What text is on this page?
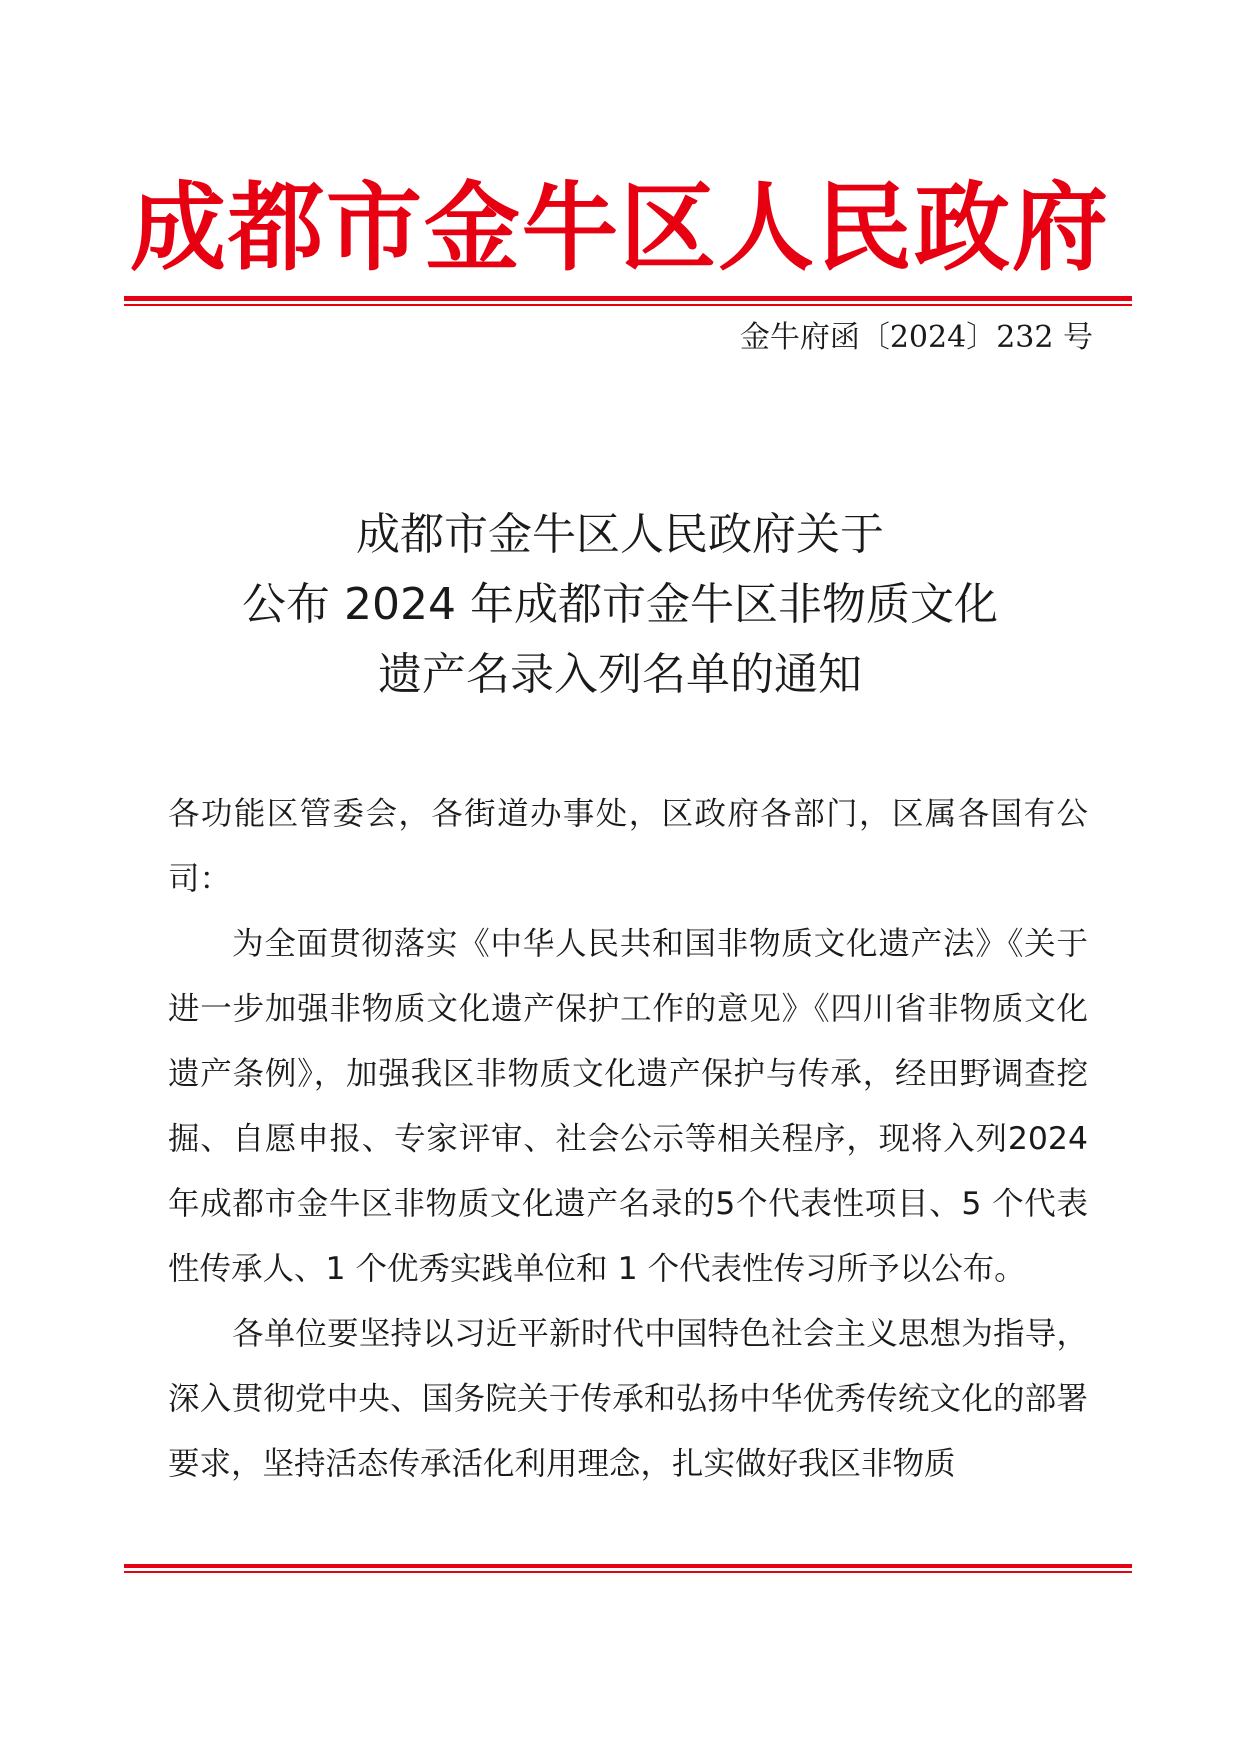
成都市金牛区人民政府
金牛府函〔2024〕232 号
成都市金牛区人民政府关于
公布 2024 年成都市金牛区非物质文化
遗产名录入列名单的通知

各功能区管委会，各街道办事处，区政府各部门，区属各国有公司：

为全面贯彻落实《中华人民共和国非物质文化遗产法》《关于进一步加强非物质文化遗产保护工作的意见》《四川省非物质文化遗产条例》，加强我区非物质文化遗产保护与传承，经田野调查挖掘、自愿申报、专家评审、社会公示等相关程序，现将入列2024年成都市金牛区非物质文化遗产名录的5个代表性项目、5 个代表性传承人、1 个优秀实践单位和 1 个代表性传习所予以公布。

各单位要坚持以习近平新时代中国特色社会主义思想为指导，深入贯彻党中央、国务院关于传承和弘扬中华优秀传统文化的部署要求，坚持活态传承活化利用理念，扎实做好我区非物质
